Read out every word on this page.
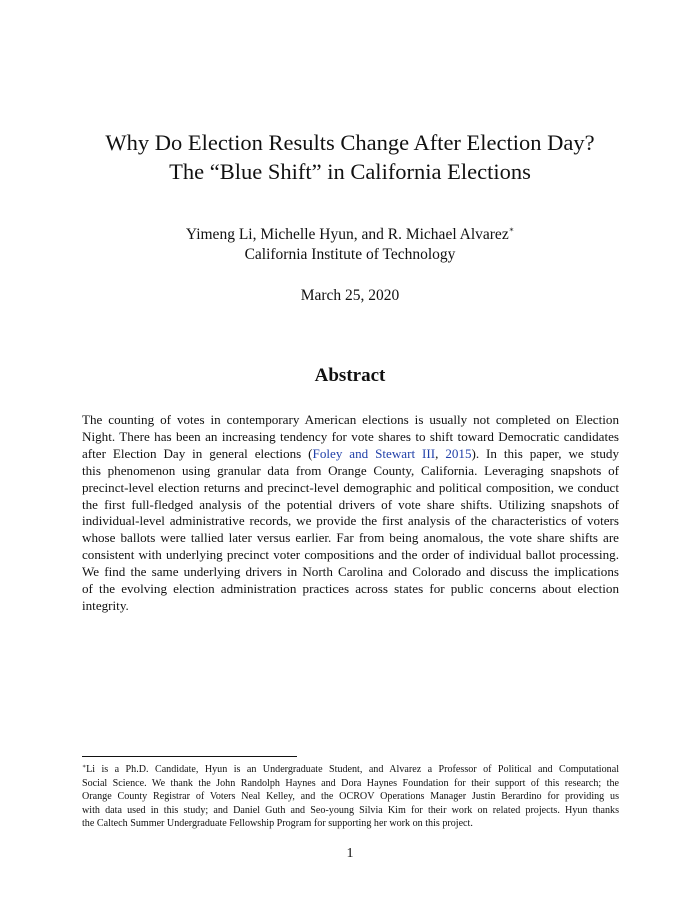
Why Do Election Results Change After Election Day?
The “Blue Shift” in California Elections
Yimeng Li, Michelle Hyun, and R. Michael Alvarez∗
California Institute of Technology
March 25, 2020
Abstract
The counting of votes in contemporary American elections is usually not completed on Election
Night. There has been an increasing tendency for vote shares to shift toward Democratic candidates
after Election Day in general elections (Foley and Stewart III, 2015). In this paper, we study
this phenomenon using granular data from Orange County, California. Leveraging snapshots of
precinct-level election returns and precinct-level demographic and political composition, we conduct
the first full-fledged analysis of the potential drivers of vote share shifts. Utilizing snapshots of
individual-level administrative records, we provide the first analysis of the characteristics of voters
whose ballots were tallied later versus earlier. Far from being anomalous, the vote share shifts are
consistent with underlying precinct voter compositions and the order of individual ballot processing.
We find the same underlying drivers in North Carolina and Colorado and discuss the implications
of the evolving election administration practices across states for public concerns about election
integrity.
∗Li is a Ph.D. Candidate, Hyun is an Undergraduate Student, and Alvarez a Professor of Political and Computational
Social Science. We thank the John Randolph Haynes and Dora Haynes Foundation for their support of this research; the
Orange County Registrar of Voters Neal Kelley, and the OCROV Operations Manager Justin Berardino for providing us
with data used in this study; and Daniel Guth and Seo-young Silvia Kim for their work on related projects. Hyun thanks
the Caltech Summer Undergraduate Fellowship Program for supporting her work on this project.
1
